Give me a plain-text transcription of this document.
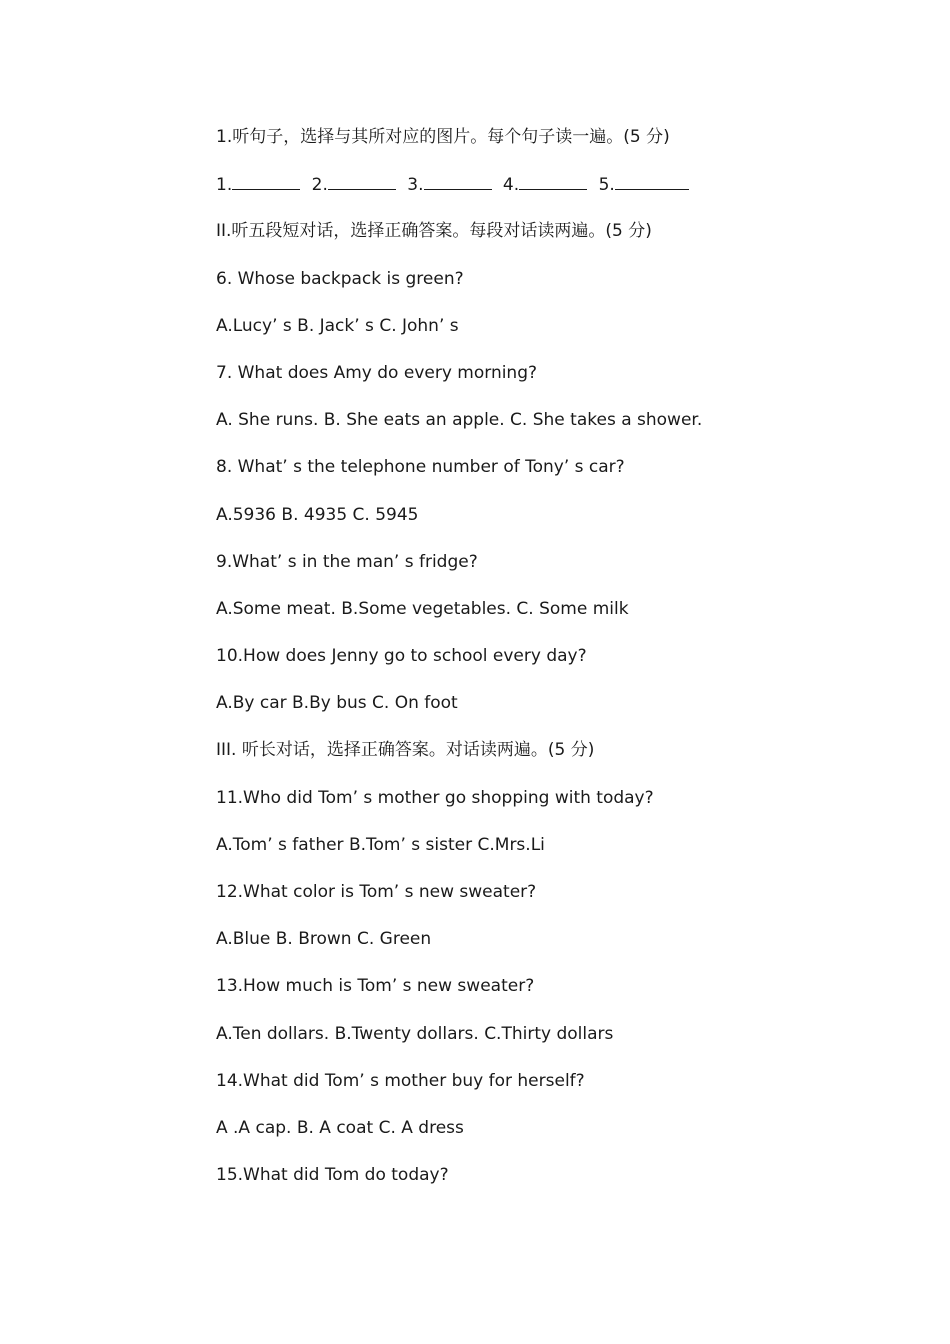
1.听句子，选择与其所对应的图片。每个句子读一遍。(5 分)
1.	2.	3.	4.	5.
II.听五段短对话，选择正确答案。每段对话读两遍。(5 分)
6. Whose backpack is green?
A.Lucy’ s B. Jack’ s C. John’ s
7. What does Amy do every morning?
A. She runs. B. She eats an apple. C. She takes a shower.
8. What’ s the telephone number of Tony’ s car?
A.5936 B. 4935 C. 5945
9.What’ s in the man’ s fridge?
A.Some meat. B.Some vegetables. C. Some milk
10.How does Jenny go to school every day?
A.By car B.By bus C. On foot
III. 听长对话，选择正确答案。对话读两遍。(5 分)
11.Who did Tom’ s mother go shopping with today?
A.Tom’ s father B.Tom’ s sister C.Mrs.Li
12.What color is Tom’ s new sweater?
A.Blue B. Brown C. Green
13.How much is Tom’ s new sweater?
A.Ten dollars. B.Twenty dollars. C.Thirty dollars
14.What did Tom’ s mother buy for herself?
A .A cap. B. A coat C. A dress
15.What did Tom do today?
